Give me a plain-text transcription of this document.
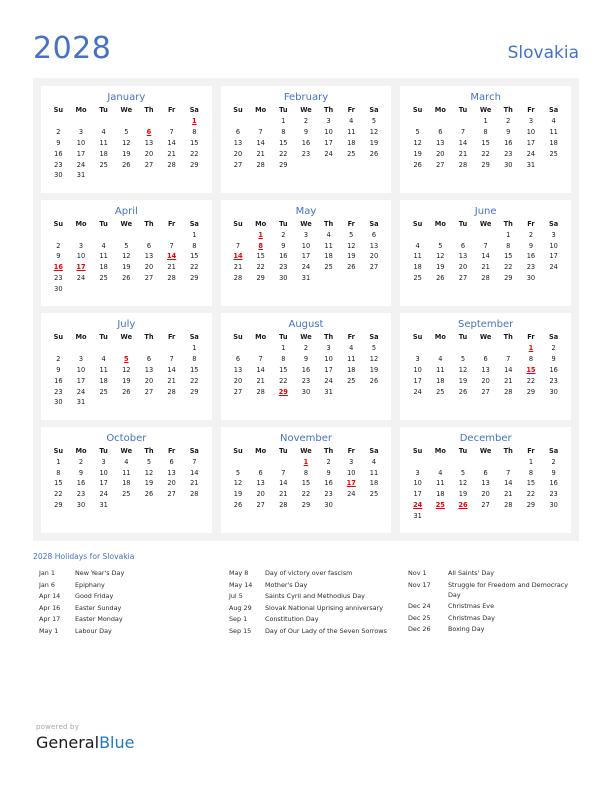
2028	Slovakia
January
Su	Mo	Tu	We	Th	Fr	Sa
						1
2	3	4	5	6	7	8
9	10	11	12	13	14	15
16	17	18	19	20	21	22
23	24	25	26	27	28	29
30	31					
February
Su	Mo	Tu	We	Th	Fr	Sa
		1	2	3	4	5
6	7	8	9	10	11	12
13	14	15	16	17	18	19
20	21	22	23	24	25	26
27	28	29				

March
Su	Mo	Tu	We	Th	Fr	Sa
			1	2	3	4
5	6	7	8	9	10	11
12	13	14	15	16	17	18
19	20	21	22	23	24	25
26	27	28	29	30	31	

April
Su	Mo	Tu	We	Th	Fr	Sa
						1
2	3	4	5	6	7	8
9	10	11	12	13	14	15
16	17	18	19	20	21	22
23	24	25	26	27	28	29
30						
May
Su	Mo	Tu	We	Th	Fr	Sa
	1	2	3	4	5	6
7	8	9	10	11	12	13
14	15	16	17	18	19	20
21	22	23	24	25	26	27
28	29	30	31			

June
Su	Mo	Tu	We	Th	Fr	Sa
				1	2	3
4	5	6	7	8	9	10
11	12	13	14	15	16	17
18	19	20	21	22	23	24
25	26	27	28	29	30	

July
Su	Mo	Tu	We	Th	Fr	Sa
						1
2	3	4	5	6	7	8
9	10	11	12	13	14	15
16	17	18	19	20	21	22
23	24	25	26	27	28	29
30	31					
August
Su	Mo	Tu	We	Th	Fr	Sa
		1	2	3	4	5
6	7	8	9	10	11	12
13	14	15	16	17	18	19
20	21	22	23	24	25	26
27	28	29	30	31		

September
Su	Mo	Tu	We	Th	Fr	Sa
					1	2
3	4	5	6	7	8	9
10	11	12	13	14	15	16
17	18	19	20	21	22	23
24	25	26	27	28	29	30

October
Su	Mo	Tu	We	Th	Fr	Sa
1	2	3	4	5	6	7
8	9	10	11	12	13	14
15	16	17	18	19	20	21
22	23	24	25	26	27	28
29	30	31				

November
Su	Mo	Tu	We	Th	Fr	Sa
			1	2	3	4
5	6	7	8	9	10	11
12	13	14	15	16	17	18
19	20	21	22	23	24	25
26	27	28	29	30		

December
Su	Mo	Tu	We	Th	Fr	Sa
					1	2
3	4	5	6	7	8	9
10	11	12	13	14	15	16
17	18	19	20	21	22	23
24	25	26	27	28	29	30
31						
2028 Holidays for Slovakia
Jan 1	New Year's Day
Jan 6	Epiphany
Apr 14	Good Friday
Apr 16	Easter Sunday
Apr 17	Easter Monday
May 1	Labour Day
May 8	Day of victory over fascism
May 14	Mother's Day
Jul 5	Saints Cyril and Methodius Day
Aug 29	Slovak National Uprising anniversary
Sep 1	Constitution Day
Sep 15	Day of Our Lady of the Seven Sorrows
Nov 1	All Saints' Day
Nov 17	Struggle for Freedom and Democracy Day
Dec 24	Christmas Eve
Dec 25	Christmas Day
Dec 26	Boxing Day
powered by
GeneralBlue
